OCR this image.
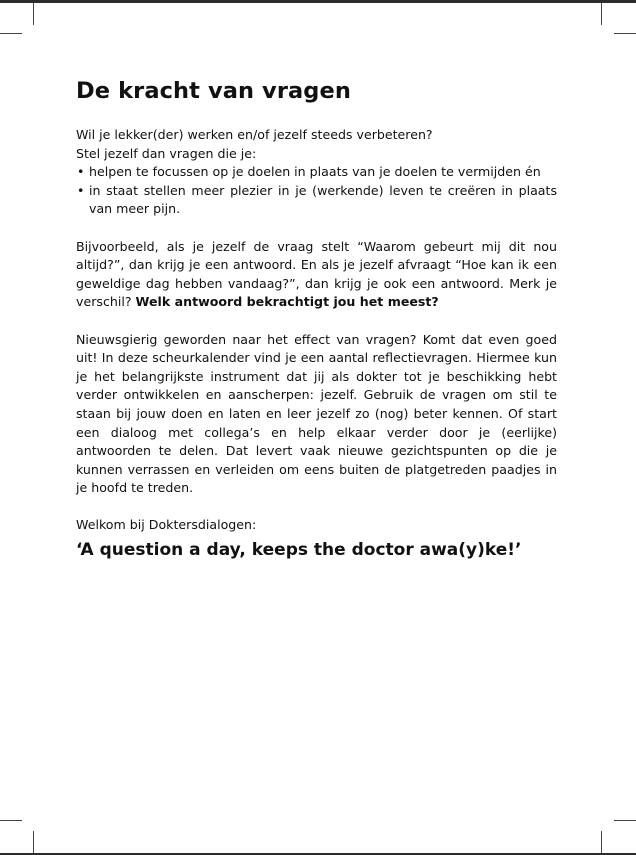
De kracht van vragen

Wil je lekker(der) werken en/of jezelf steeds verbeteren?

Stel jezelf dan vragen die je:

• helpen te focussen op je doelen in plaats van je doelen te vermijden én
• in staat stellen meer plezier in je (werkende) leven te creëren in plaats van meer pijn.

Bijvoorbeeld, als je jezelf de vraag stelt “Waarom gebeurt mij dit nou altijd?”, dan krijg je een antwoord. En als je jezelf afvraagt “Hoe kan ik een geweldige dag hebben vandaag?”, dan krijg je ook een antwoord. Merk je verschil? Welk antwoord bekrachtigt jou het meest?

Nieuwsgierig geworden naar het effect van vragen? Komt dat even goed uit! In deze scheurkalender vind je een aantal reflectievragen. Hiermee kun je het belangrijkste instrument dat jij als dokter tot je beschikking hebt verder ontwikkelen en aanscherpen: jezelf. Gebruik de vragen om stil te staan bij jouw doen en laten en leer jezelf zo (nog) beter kennen. Of start een dialoog met collega’s en help elkaar verder door je (eerlijke) antwoorden te delen. Dat levert vaak nieuwe gezichtspunten op die je kunnen verrassen en verleiden om eens buiten de platgetreden paadjes in je hoofd te treden.

Welkom bij Doktersdialogen:

‘A question a day, keeps the doctor awa(y)ke!’
